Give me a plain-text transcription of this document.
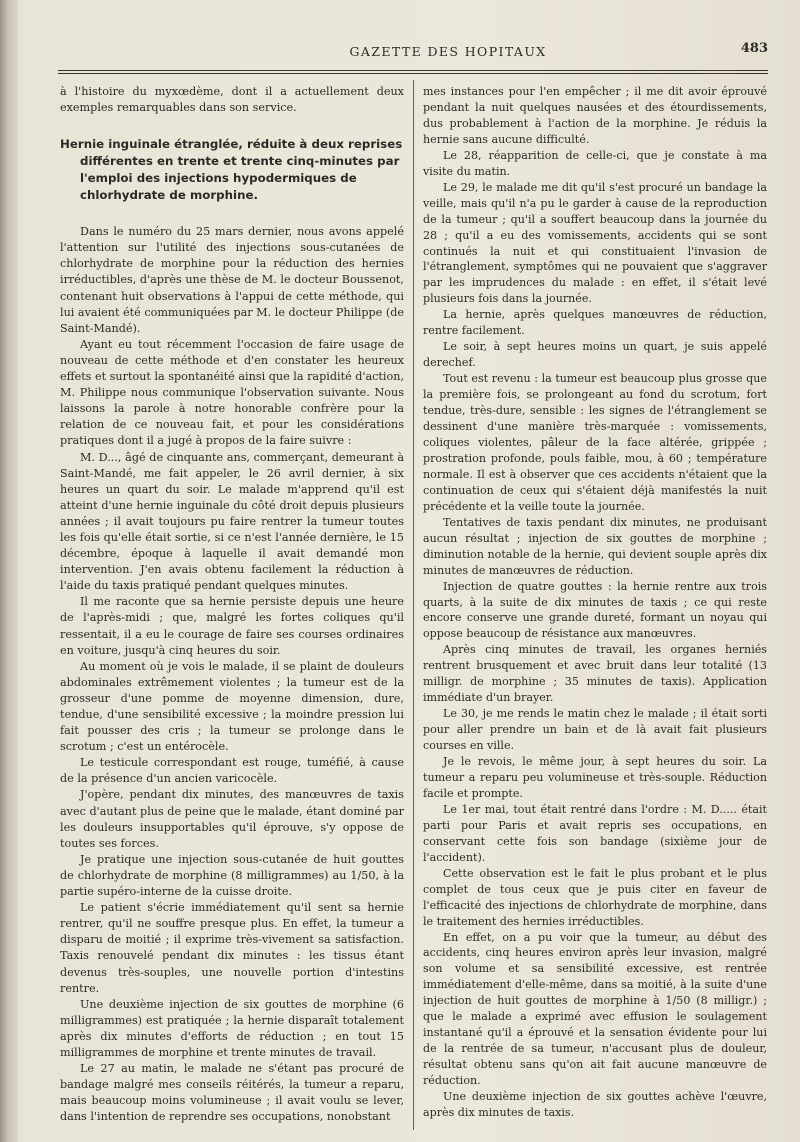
GAZETTE DES HOPITAUX	483

à l'histoire du myxœdème, dont il a actuellement deux exemples remarquables dans son service.

Hernie inguinale étranglée, réduite à deux reprises différentes en trente et trente cinq-minutes par l'emploi des injections hypodermiques de chlorhydrate de morphine.

Dans le numéro du 25 mars dernier, nous avons appelé l'attention sur l'utilité des injections sous-cutanées de chlorhydrate de morphine pour la réduction des hernies irréductibles, d'après une thèse de M. le docteur Boussenot, contenant huit observations à l'appui de cette méthode, qui lui avaient été communiquées par M. le docteur Philippe (de Saint-Mandé).

Ayant eu tout récemment l'occasion de faire usage de nouveau de cette méthode et d'en constater les heureux effets et surtout la spontanéité ainsi que la rapidité d'action, M. Philippe nous communique l'observation suivante. Nous laissons la parole à notre honorable confrère pour la relation de ce nouveau fait, et pour les considérations pratiques dont il a jugé à propos de la faire suivre :

M. D..., âgé de cinquante ans, commerçant, demeurant à Saint-Mandé, me fait appeler, le 26 avril dernier, à six heures un quart du soir. Le malade m'apprend qu'il est atteint d'une hernie inguinale du côté droit depuis plusieurs années ; il avait toujours pu faire rentrer la tumeur toutes les fois qu'elle était sortie, si ce n'est l'année dernière, le 15 décembre, époque à laquelle il avait demandé mon intervention. J'en avais obtenu facilement la réduction à l'aide du taxis pratiqué pendant quelques minutes.

Il me raconte que sa hernie persiste depuis une heure de l'après-midi ; que, malgré les fortes coliques qu'il ressentait, il a eu le courage de faire ses courses ordinaires en voiture, jusqu'à cinq heures du soir.

Au moment où je vois le malade, il se plaint de douleurs abdominales extrêmement violentes ; la tumeur est de la grosseur d'une pomme de moyenne dimension, dure, tendue, d'une sensibilité excessive ; la moindre pression lui fait pousser des cris ; la tumeur se prolonge dans le scrotum ; c'est un entérocèle.

Le testicule correspondant est rouge, tuméfié, à cause de la présence d'un ancien varicocèle.

J'opère, pendant dix minutes, des manœuvres de taxis avec d'autant plus de peine que le malade, étant dominé par les douleurs insupportables qu'il éprouve, s'y oppose de toutes ses forces.

Je pratique une injection sous-cutanée de huit gouttes de chlorhydrate de morphine (8 milligrammes) au 1/50, à la partie supéro-interne de la cuisse droite.

Le patient s'écrie immédiatement qu'il sent sa hernie rentrer, qu'il ne souffre presque plus. En effet, la tumeur a disparu de moitié ; il exprime très-vivement sa satisfaction. Taxis renouvelé pendant dix minutes : les tissus étant devenus très-souples, une nouvelle portion d'intestins rentre.

Une deuxième injection de six gouttes de morphine (6 milligrammes) est pratiquée ; la hernie disparaît totalement après dix minutes d'efforts de réduction ; en tout 15 milligrammes de morphine et trente minutes de travail.

Le 27 au matin, le malade ne s'étant pas procuré de bandage malgré mes conseils réitérés, la tumeur a reparu, mais beaucoup moins volumineuse ; il avait voulu se lever, dans l'intention de reprendre ses occupations, nonobstant

mes instances pour l'en empêcher ; il me dit avoir éprouvé pendant la nuit quelques nausées et des étourdissements, dus probablement à l'action de la morphine. Je réduis la hernie sans aucune difficulté.

Le 28, réapparition de celle-ci, que je constate à ma visite du matin.

Le 29, le malade me dit qu'il s'est procuré un bandage la veille, mais qu'il n'a pu le garder à cause de la reproduction de la tumeur ; qu'il a souffert beaucoup dans la journée du 28 ; qu'il a eu des vomissements, accidents qui se sont continués la nuit et qui constituaient l'invasion de l'étranglement, symptômes qui ne pouvaient que s'aggraver par les imprudences du malade : en effet, il s'était levé plusieurs fois dans la journée.

La hernie, après quelques manœuvres de réduction, rentre facilement.

Le soir, à sept heures moins un quart, je suis appelé derechef.

Tout est revenu : la tumeur est beaucoup plus grosse que la première fois, se prolongeant au fond du scrotum, fort tendue, très-dure, sensible : les signes de l'étranglement se dessinent d'une manière très-marquée : vomissements, coliques violentes, pâleur de la face altérée, grippée ; prostration profonde, pouls faible, mou, à 60 ; température normale. Il est à observer que ces accidents n'étaient que la continuation de ceux qui s'étaient déjà manifestés la nuit précédente et la veille toute la journée.

Tentatives de taxis pendant dix minutes, ne produisant aucun résultat ; injection de six gouttes de morphine ; diminution notable de la hernie, qui devient souple après dix minutes de manœuvres de réduction.

Injection de quatre gouttes : la hernie rentre aux trois quarts, à la suite de dix minutes de taxis ; ce qui reste encore conserve une grande dureté, formant un noyau qui oppose beaucoup de résistance aux manœuvres.

Après cinq minutes de travail, les organes herniés rentrent brusquement et avec bruit dans leur totalité (13 milligr. de morphine ; 35 minutes de taxis). Application immédiate d'un brayer.

Le 30, je me rends le matin chez le malade ; il était sorti pour aller prendre un bain et de là avait fait plusieurs courses en ville.

Je le revois, le même jour, à sept heures du soir. La tumeur a reparu peu volumineuse et très-souple. Réduction facile et prompte.

Le 1er mai, tout était rentré dans l'ordre : M. D..... était parti pour Paris et avait repris ses occupations, en conservant cette fois son bandage (sixième jour de l'accident).

Cette observation est le fait le plus probant et le plus complet de tous ceux que je puis citer en faveur de l'efficacité des injections de chlorhydrate de morphine, dans le traitement des hernies irréductibles.

En effet, on a pu voir que la tumeur, au début des accidents, cinq heures environ après leur invasion, malgré son volume et sa sensibilité excessive, est rentrée immédiatement d'elle-même, dans sa moitié, à la suite d'une injection de huit gouttes de morphine à 1/50 (8 milligr.) ; que le malade a exprimé avec effusion le soulagement instantané qu'il a éprouvé et la sensation évidente pour lui de la rentrée de sa tumeur, n'accusant plus de douleur, résultat obtenu sans qu'on ait fait aucune manœuvre de réduction.

Une deuxième injection de six gouttes achève l'œuvre, après dix minutes de taxis.
